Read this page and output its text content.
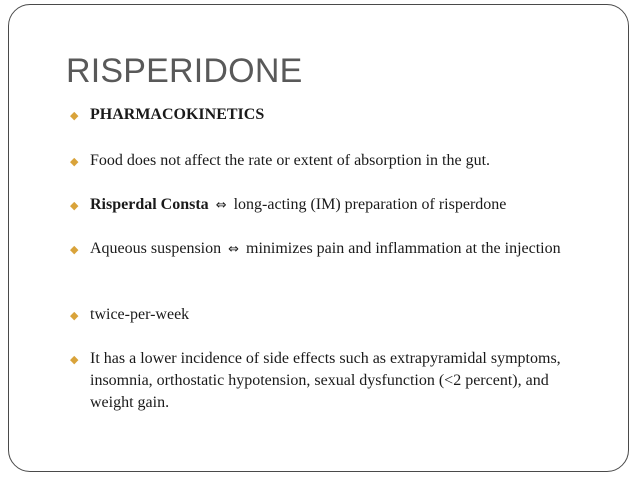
RISPERIDONE
◆ PHARMACOKINETICS
◆ Food does not affect the rate or extent of absorption in the gut.
◆ Risperdal Consta ⇔ long-acting (IM) preparation of risperdone
◆ Aqueous suspension ⇔ minimizes pain and inflammation at the injection
◆ twice-per-week
◆ It has a lower incidence of side effects such as extrapyramidal symptoms, insomnia, orthostatic hypotension, sexual dysfunction (<2 percent), and weight gain.
